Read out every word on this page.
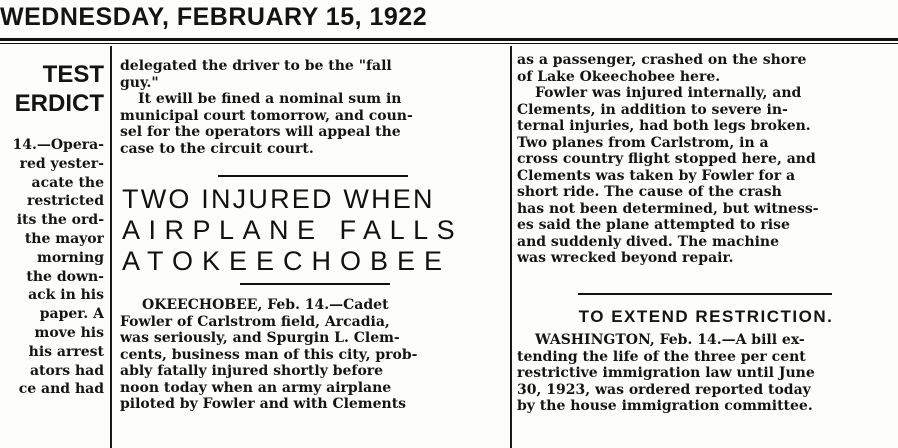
WEDNESDAY, FEBRUARY 15, 1922
TEST
ERDICT
14.—Opera-
red yester-
acate the
restricted
its the ord-
the mayor
morning
the down-
ack in his
paper. A
move his
his arrest
ators had
ce and had
delegated the driver to be the "fall
guy."
It ewill be fined a nominal sum in
municipal court tomorrow, and coun-
sel for the operators will appeal the
case to the circuit court.
TWO INJURED WHEN
AIRPLANE FALLS
ATOKEECHOBEE
OKEECHOBEE, Feb. 14.—Cadet
Fowler of Carlstrom field, Arcadia,
was seriously, and Spurgin L. Clem-
cents, business man of this city, prob-
ably fatally injured shortly before
noon today when an army airplane
piloted by Fowler and with Clements
as a passenger, crashed on the shore
of Lake Okeechobee here.
Fowler was injured internally, and
Clements, in addition to severe in-
ternal injuries, had both legs broken.
Two planes from Carlstrom, in a
cross country flight stopped here, and
Clements was taken by Fowler for a
short ride. The cause of the crash
has not been determined, but witness-
es said the plane attempted to rise
and suddenly dived. The machine
was wrecked beyond repair.
TO EXTEND RESTRICTION.
WASHINGTON, Feb. 14.—A bill ex-
tending the life of the three per cent
restrictive immigration law until June
30, 1923, was ordered reported today
by the house immigration committee.
